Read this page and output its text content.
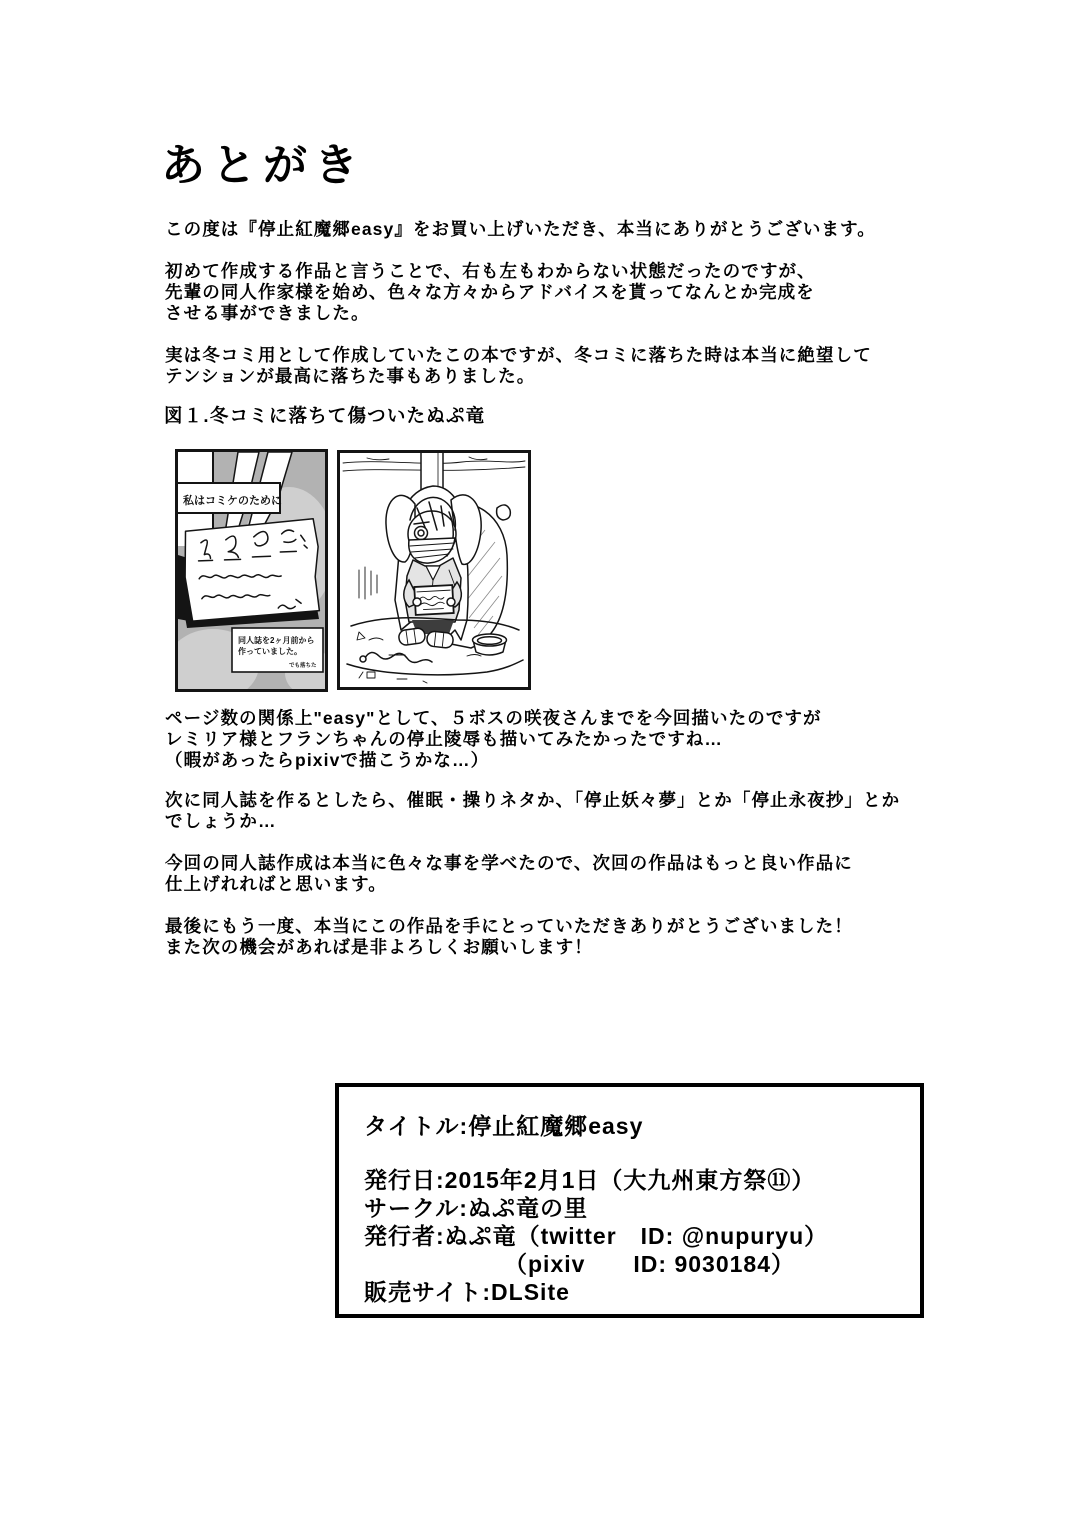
あとがき
この度は『停止紅魔郷easy』をお買い上げいただき、本当にありがとうございます。
初めて作成する作品と言うことで、右も左もわからない状態だったのですが、
先輩の同人作家様を始め、色々な方々からアドバイスを貰ってなんとか完成を
させる事ができました。
実は冬コミ用として作成していたこの本ですが、冬コミに落ちた時は本当に絶望して
テンションが最高に落ちた事もありました。
図１.冬コミに落ちて傷ついたぬぷ竜
私はコミケのために
同人誌を2ヶ月前から
作っていました。
でも落ちた
ページ数の関係上"easy"として、５ボスの咲夜さんまでを今回描いたのですが
レミリア様とフランちゃんの停止陵辱も描いてみたかったですね…
（暇があったらpixivで描こうかな…）
次に同人誌を作るとしたら、催眠・操りネタか、「停止妖々夢」とか「停止永夜抄」とか
でしょうか…
今回の同人誌作成は本当に色々な事を学べたので、次回の作品はもっと良い作品に
仕上げれればと思います。
最後にもう一度、本当にこの作品を手にとっていただきありがとうございました！
また次の機会があれば是非よろしくお願いします！
タイトル:停止紅魔郷easy
発行日:2015年2月1日（大九州東方祭⑪）
サークル:ぬぷ竜の里
発行者:ぬぷ竜（twitter　ID: @nupuryu）
（pixiv　　ID: 9030184）
販売サイト:DLSite
